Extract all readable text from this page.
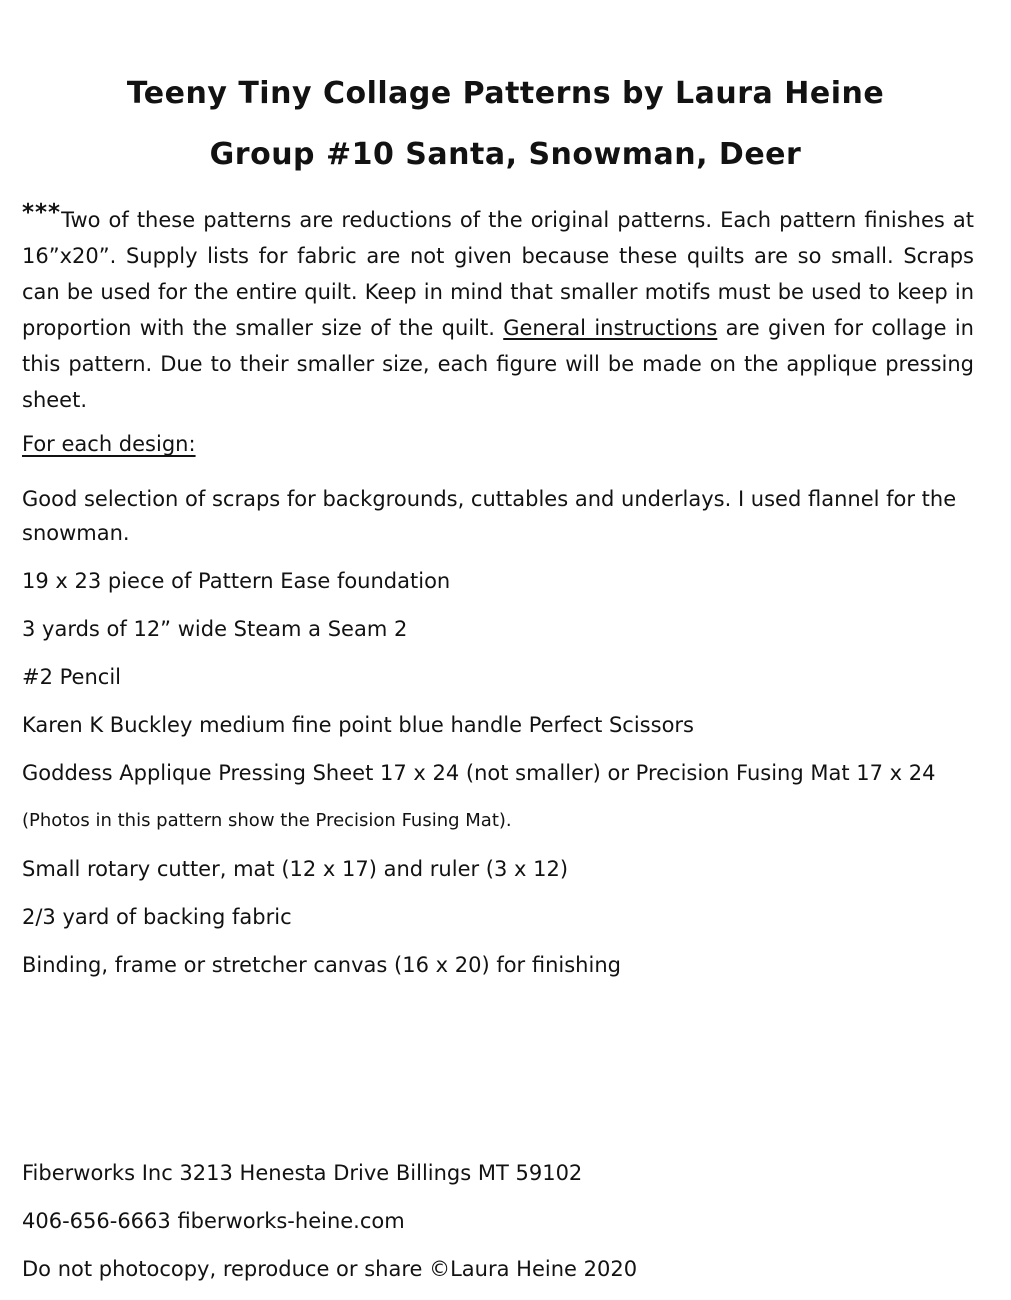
Teeny Tiny Collage Patterns by Laura Heine
Group #10 Santa, Snowman, Deer

***Two of these patterns are reductions of the original patterns. Each pattern finishes at 16”x20”. Supply lists for fabric are not given because these quilts are so small. Scraps can be used for the entire quilt. Keep in mind that smaller motifs must be used to keep in proportion with the smaller size of the quilt. General instructions are given for collage in this pattern. Due to their smaller size, each figure will be made on the applique pressing sheet.

For each design:

Good selection of scraps for backgrounds, cuttables and underlays. I used flannel for the snowman.

19 x 23 piece of Pattern Ease foundation

3 yards of 12” wide Steam a Seam 2

#2 Pencil

Karen K Buckley medium fine point blue handle Perfect Scissors

Goddess Applique Pressing Sheet 17 x 24 (not smaller) or Precision Fusing Mat 17 x 24

(Photos in this pattern show the Precision Fusing Mat).

Small rotary cutter, mat (12 x 17) and ruler (3 x 12)

2/3 yard of backing fabric

Binding, frame or stretcher canvas (16 x 20) for finishing

Fiberworks Inc 3213 Henesta Drive Billings MT 59102

406-656-6663 fiberworks-heine.com

Do not photocopy, reproduce or share ©Laura Heine 2020
